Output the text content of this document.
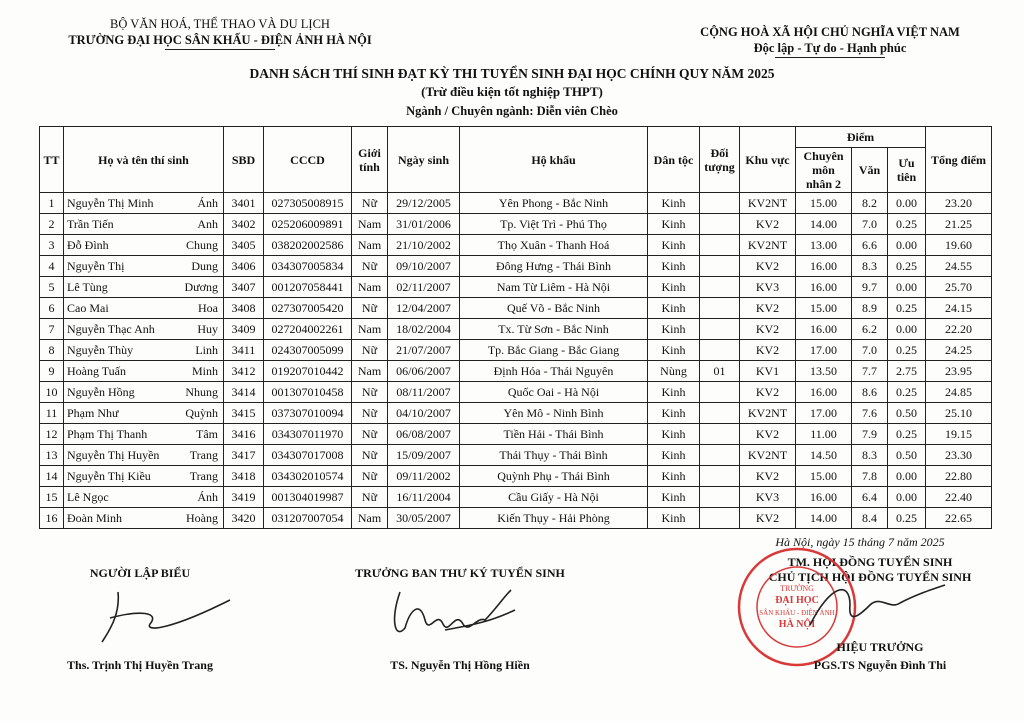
BỘ VĂN HOÁ, THỂ THAO VÀ DU LỊCH
TRƯỜNG ĐẠI HỌC SÂN KHẤU - ĐIỆN ẢNH HÀ NỘI
CỘNG HOÀ XÃ HỘI CHỦ NGHĨA VIỆT NAM
Độc lập - Tự do - Hạnh phúc
DANH SÁCH THÍ SINH ĐẠT KỲ THI TUYỂN SINH ĐẠI HỌC CHÍNH QUY NĂM 2025
(Trừ điều kiện tốt nghiệp THPT)
Ngành / Chuyên ngành: Diễn viên Chèo
TT	Họ và tên thí sinh	SBD	CCCD	Giới tính	Ngày sinh	Hộ khẩu	Dân tộc	Đối tượng	Khu vực	Điểm			Tổng điểm
										Chuyên môn nhân 2	Văn	Ưu tiên	
1	Nguyễn Thị Minh Ánh	3401	027305008915	Nữ	29/12/2005	Yên Phong - Bắc Ninh	Kinh		KV2NT	15.00	8.2	0.00	23.20
2	Trần Tiến Anh	3402	025206009891	Nam	31/01/2006	Tp. Việt Trì - Phú Thọ	Kinh		KV2	14.00	7.0	0.25	21.25
3	Đỗ Đình Chung	3405	038202002586	Nam	21/10/2002	Thọ Xuân - Thanh Hoá	Kinh		KV2NT	13.00	6.6	0.00	19.60
4	Nguyễn Thị Dung	3406	034307005834	Nữ	09/10/2007	Đông Hưng - Thái Bình	Kinh		KV2	16.00	8.3	0.25	24.55
5	Lê Tùng Dương	3407	001207058441	Nam	02/11/2007	Nam Từ Liêm - Hà Nội	Kinh		KV3	16.00	9.7	0.00	25.70
6	Cao Mai Hoa	3408	027307005420	Nữ	12/04/2007	Quế Võ - Bắc Ninh	Kinh		KV2	15.00	8.9	0.25	24.15
7	Nguyễn Thạc Anh Huy	3409	027204002261	Nam	18/02/2004	Tx. Từ Sơn - Bắc Ninh	Kinh		KV2	16.00	6.2	0.00	22.20
8	Nguyễn Thùy Linh	3411	024307005099	Nữ	21/07/2007	Tp. Bắc Giang - Bắc Giang	Kinh		KV2	17.00	7.0	0.25	24.25
9	Hoàng Tuấn Minh	3412	019207010442	Nam	06/06/2007	Định Hóa - Thái Nguyên	Nùng	01	KV1	13.50	7.7	2.75	23.95
10	Nguyễn Hồng Nhung	3414	001307010458	Nữ	08/11/2007	Quốc Oai - Hà Nội	Kinh		KV2	16.00	8.6	0.25	24.85
11	Phạm Như Quỳnh	3415	037307010094	Nữ	04/10/2007	Yên Mô - Ninh Bình	Kinh		KV2NT	17.00	7.6	0.50	25.10
12	Phạm Thị Thanh Tâm	3416	034307011970	Nữ	06/08/2007	Tiền Hải - Thái Bình	Kinh		KV2	11.00	7.9	0.25	19.15
13	Nguyễn Thị Huyền Trang	3417	034307017008	Nữ	15/09/2007	Thái Thụy - Thái Bình	Kinh		KV2NT	14.50	8.3	0.50	23.30
14	Nguyễn Thị Kiều Trang	3418	034302010574	Nữ	09/11/2002	Quỳnh Phụ - Thái Bình	Kinh		KV2	15.00	7.8	0.00	22.80
15	Lê Ngọc Ánh	3419	001304019987	Nữ	16/11/2004	Cầu Giấy - Hà Nội	Kinh		KV3	16.00	6.4	0.00	22.40
16	Đoàn Minh Hoàng	3420	031207007054	Nam	30/05/2007	Kiến Thụy - Hải Phòng	Kinh		KV2	14.00	8.4	0.25	22.65
Hà Nội, ngày 15 tháng 7 năm 2025
NGƯỜI LẬP BIỂU
Ths. Trịnh Thị Huyền Trang
TRƯỞNG BAN THƯ KÝ TUYỂN SINH
TS. Nguyễn Thị Hồng Hiền
TM. HỘI ĐỒNG TUYỂN SINH
CHỦ TỊCH HỘI ĐỒNG TUYỂN SINH
TRƯỜNG
ĐẠI HỌC
SÂN KHẤU - ĐIỆN ẢNH
HÀ NỘI
HIỆU TRƯỞNG
PGS.TS Nguyễn Đình Thi
